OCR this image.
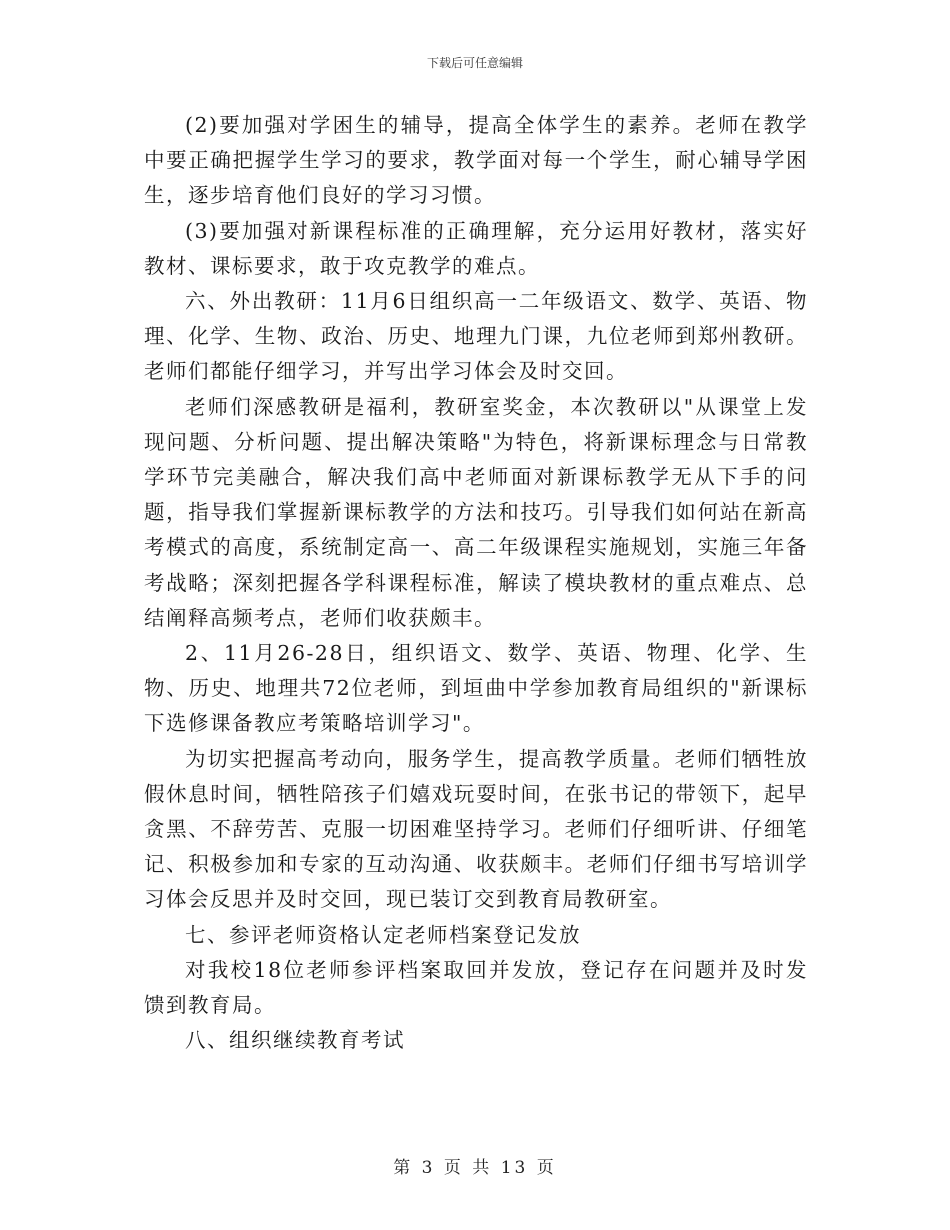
下载后可任意编辑

(2)要加强对学困生的辅导，提高全体学生的素养。老师在教学中要正确把握学生学习的要求，教学面对每一个学生，耐心辅导学困生，逐步培育他们良好的学习习惯。

(3)要加强对新课程标准的正确理解，充分运用好教材，落实好教材、课标要求，敢于攻克教学的难点。

六、外出教研：11月6日组织高一二年级语文、数学、英语、物理、化学、生物、政治、历史、地理九门课，九位老师到郑州教研。老师们都能仔细学习，并写出学习体会及时交回。

老师们深感教研是福利，教研室奖金，本次教研以"从课堂上发现问题、分析问题、提出解决策略"为特色，将新课标理念与日常教学环节完美融合，解决我们高中老师面对新课标教学无从下手的问题，指导我们掌握新课标教学的方法和技巧。引导我们如何站在新高考模式的高度，系统制定高一、高二年级课程实施规划，实施三年备考战略；深刻把握各学科课程标准，解读了模块教材的重点难点、总结阐释高频考点，老师们收获颇丰。

2、11月26-28日，组织语文、数学、英语、物理、化学、生物、历史、地理共72位老师，到垣曲中学参加教育局组织的"新课标下选修课备教应考策略培训学习"。

为切实把握高考动向，服务学生，提高教学质量。老师们牺牲放假休息时间，牺牲陪孩子们嬉戏玩耍时间，在张书记的带领下，起早贪黑、不辞劳苦、克服一切困难坚持学习。老师们仔细听讲、仔细笔记、积极参加和专家的互动沟通、收获颇丰。老师们仔细书写培训学习体会反思并及时交回，现已装订交到教育局教研室。

七、参评老师资格认定老师档案登记发放

对我校18位老师参评档案取回并发放，登记存在问题并及时发馈到教育局。

八、组织继续教育考试

第 3 页 共 13 页
